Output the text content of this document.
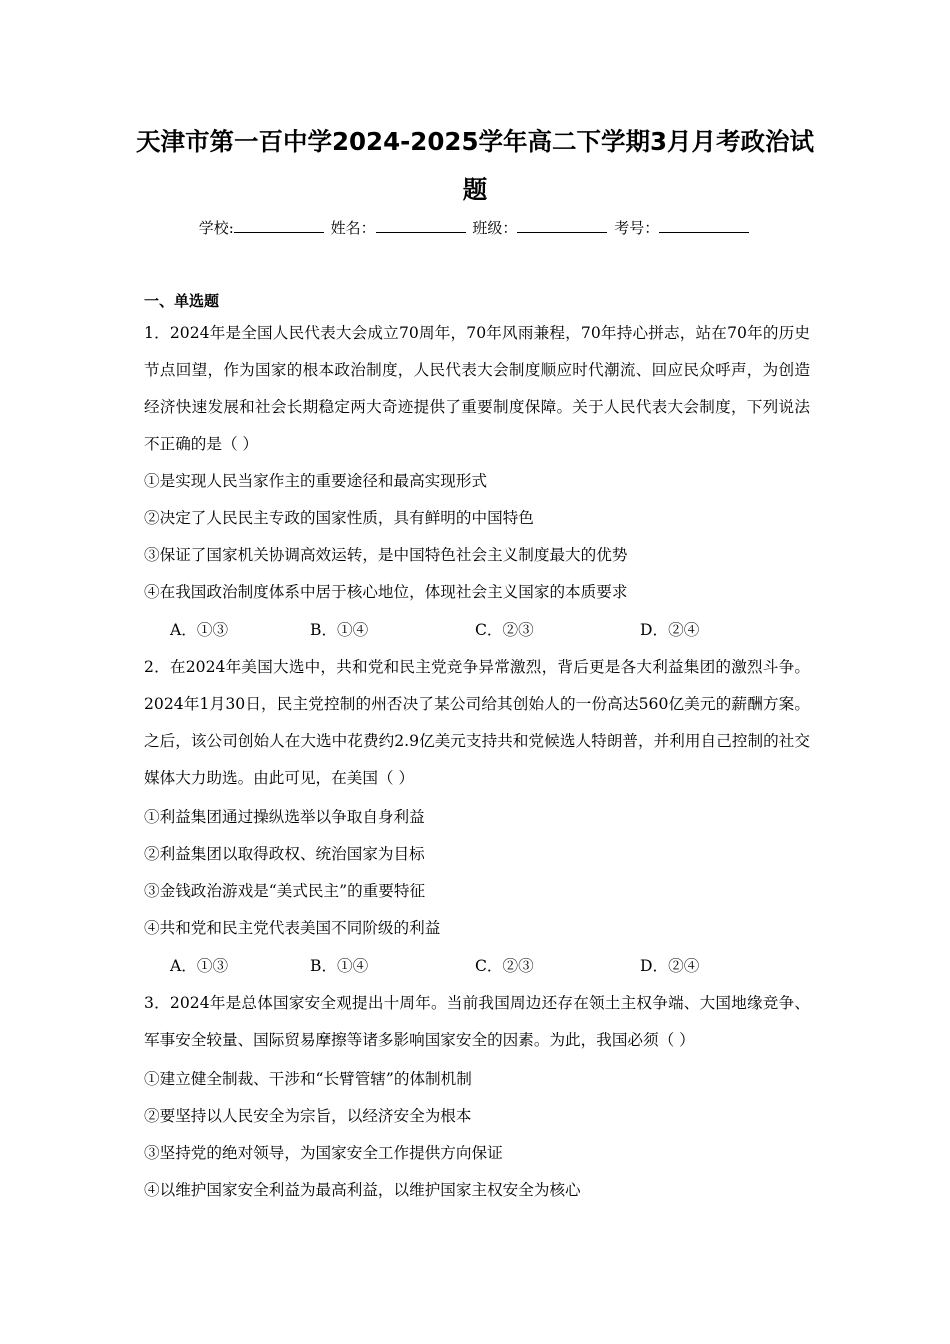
天津市第一百中学2024-2025学年高二下学期3月月考政治试
题
学校:	姓名：	班级：	考号：
一、单选题
1．2024年是全国人民代表大会成立70周年，70年风雨兼程，70年持心拼志，站在70年的历史节点回望，作为国家的根本政治制度，人民代表大会制度顺应时代潮流、回应民众呼声，为创造经济快速发展和社会长期稳定两大奇迹提供了重要制度保障。关于人民代表大会制度，下列说法不正确的是（ ）
①是实现人民当家作主的重要途径和最高实现形式
②决定了人民民主专政的国家性质，具有鲜明的中国特色
③保证了国家机关协调高效运转，是中国特色社会主义制度最大的优势
④在我国政治制度体系中居于核心地位，体现社会主义国家的本质要求
A．①③	B．①④	C．②③	D．②④
2．在2024年美国大选中，共和党和民主党竞争异常激烈，背后更是各大利益集团的激烈斗争。2024年1月30日，民主党控制的州否决了某公司给其创始人的一份高达560亿美元的薪酬方案。之后，该公司创始人在大选中花费约2.9亿美元支持共和党候选人特朗普，并利用自己控制的社交媒体大力助选。由此可见，在美国（ ）
①利益集团通过操纵选举以争取自身利益
②利益集团以取得政权、统治国家为目标
③金钱政治游戏是“美式民主”的重要特征
④共和党和民主党代表美国不同阶级的利益
A．①③	B．①④	C．②③	D．②④
3．2024年是总体国家安全观提出十周年。当前我国周边还存在领土主权争端、大国地缘竞争、军事安全较量、国际贸易摩擦等诸多影响国家安全的因素。为此，我国必须（ ）
①建立健全制裁、干涉和“长臂管辖”的体制机制
②要坚持以人民安全为宗旨，以经济安全为根本
③坚持党的绝对领导，为国家安全工作提供方向保证
④以维护国家安全利益为最高利益，以维护国家主权安全为核心
